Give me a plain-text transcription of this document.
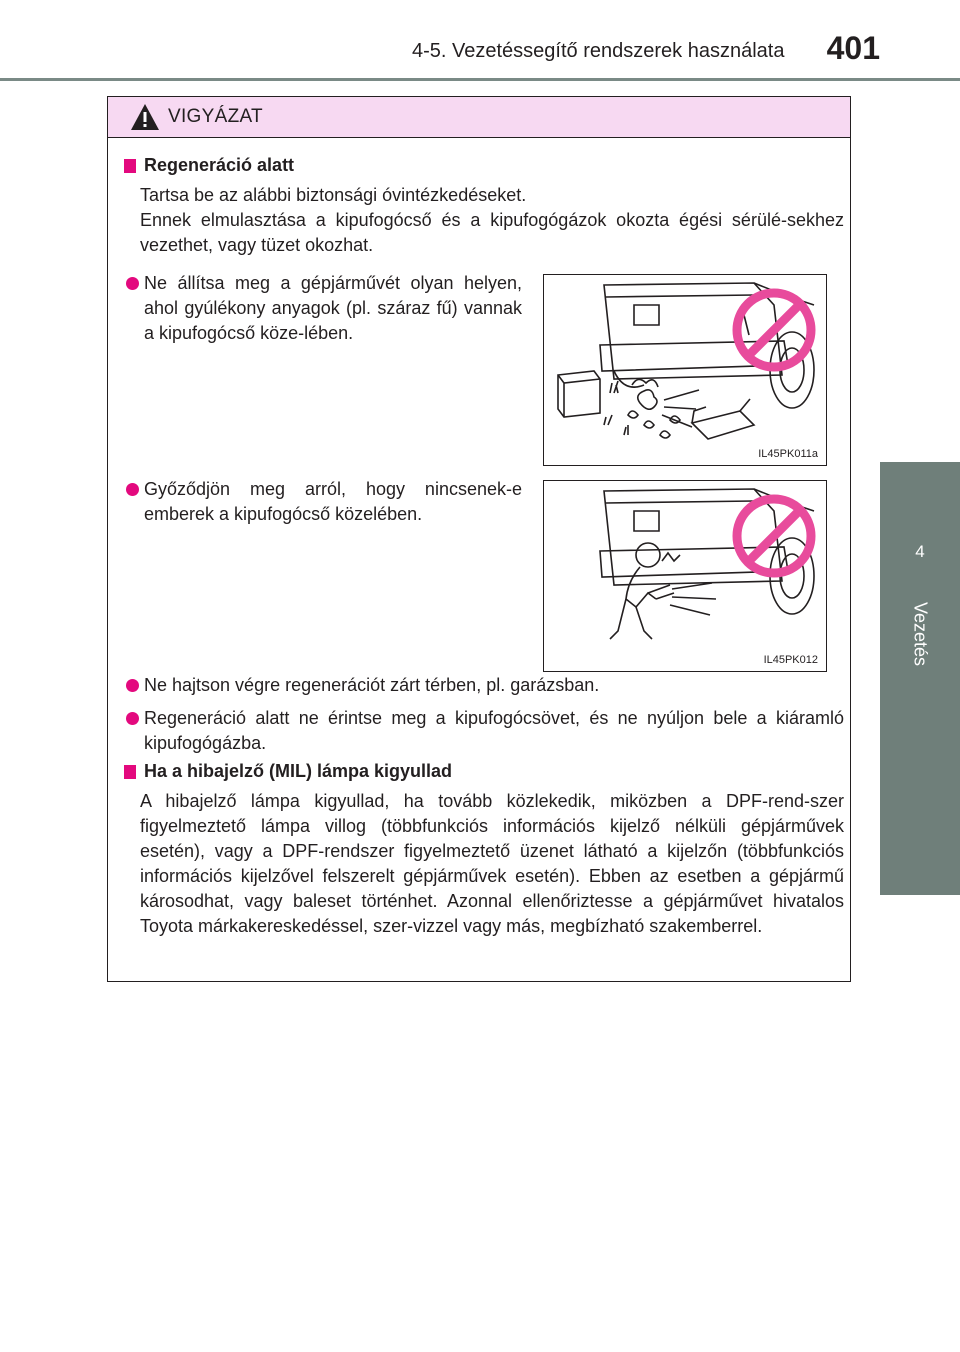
4-5. Vezetéssegítő rendszerek használata	401
4
Vezetés
VIGYÁZAT
Regeneráció alatt

Tartsa be az alábbi biztonsági óvintézkedéseket.

Ennek elmulasztása a kipufogócső és a kipufogógázok okozta égési sérülé-sekhez vezethet, vagy tüzet okozhat.

Ne állítsa meg a gépjárművét olyan helyen, ahol gyúlékony anyagok (pl. száraz fű) vannak a kipufogócső köze-lében.

IL45PK011a

Győződjön meg arról, hogy nincsenek-e emberek a kipufogócső közelében.

IL45PK012

Ne hajtson végre regenerációt zárt térben, pl. garázsban.

Regeneráció alatt ne érintse meg a kipufogócsövet, és ne nyúljon bele a kiáramló kipufogógázba.

Ha a hibajelző (MIL) lámpa kigyullad

A hibajelző lámpa kigyullad, ha tovább közlekedik, miközben a DPF-rend-szer figyelmeztető lámpa villog (többfunkciós információs kijelző nélküli gépjárművek esetén), vagy a DPF-rendszer figyelmeztető üzenet látható a kijelzőn (többfunkciós információs kijelzővel felszerelt gépjárművek esetén). Ebben az esetben a gépjármű károsodhat, vagy baleset történhet. Azonnal ellenőriztesse a gépjárművet hivatalos Toyota márkakereskedéssel, szer-vizzel vagy más, megbízható szakemberrel.
